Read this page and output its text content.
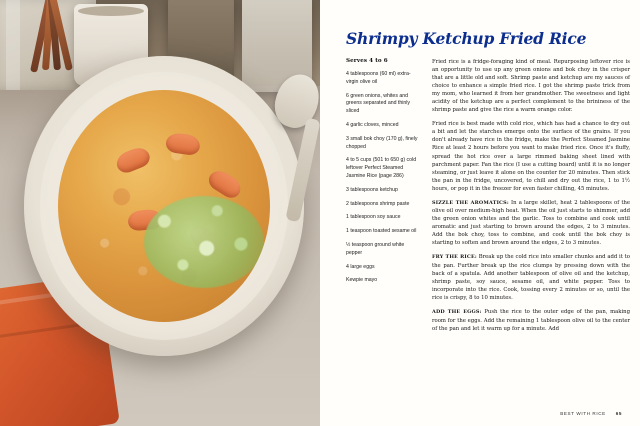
Shrimpy Ketchup Fried Rice

Serves 4 to 6

4 tablespoons (60 ml) extra-virgin olive oil

6 green onions, whites and greens separated and thinly sliced

4 garlic cloves, minced

3 small bok choy (170 g), finely chopped

4 to 5 cups (501 to 650 g) cold leftover Perfect Steamed Jasmine Rice (page 286)

3 tablespoons ketchup

2 tablespoons shrimp paste

1 tablespoon soy sauce

1 teaspoon toasted sesame oil

½ teaspoon ground white pepper

4 large eggs

Kewpie mayo

Fried rice is a fridge-foraging kind of meal. Repurposing leftover rice is an opportunity to use up any green onions and bok choy in the crisper that are a little old and soft. Shrimp paste and ketchup are my sauces of choice to enhance a simple fried rice. I got the shrimp paste trick from my mom, who learned it from her grandmother. The sweetness and light acidity of the ketchup are a perfect complement to the brininess of the shrimp paste and give the rice a warm orange color.

Fried rice is best made with cold rice, which has had a chance to dry out a bit and let the starches emerge onto the surface of the grains. If you don't already have rice in the fridge, make the Perfect Steamed Jasmine Rice at least 2 hours before you want to make fried rice. Once it's fluffy, spread the hot rice over a large rimmed baking sheet lined with parchment paper. Fan the rice (I use a cutting board) until it is no longer steaming, or just leave it alone on the counter for 20 minutes. Then stick the pan in the fridge, uncovered, to chill and dry out the rice, 1 to 1½ hours, or pop it in the freezer for even faster chilling, 45 minutes.

SIZZLE THE AROMATICS: In a large skillet, heat 2 tablespoons of the olive oil over medium-high heat. When the oil just starts to shimmer, add the green onion whites and the garlic. Toss to combine and cook until aromatic and just starting to brown around the edges, 2 to 3 minutes. Add the bok choy, toss to combine, and cook until the bok choy is starting to soften and brown around the edges, 2 to 3 minutes.

FRY THE RICE: Break up the cold rice into smaller chunks and add it to the pan. Further break up the rice clumps by pressing down with the back of a spatula. Add another tablespoon of olive oil and the ketchup, shrimp paste, soy sauce, sesame oil, and white pepper. Toss to incorporate into the rice. Cook, tossing every 2 minutes or so, until the rice is crispy, 8 to 10 minutes.

ADD THE EGGS: Push the rice to the outer edge of the pan, making room for the eggs. Add the remaining 1 tablespoon olive oil to the center of the pan and let it warm up for a minute. Add

BEST WITH RICE 65
